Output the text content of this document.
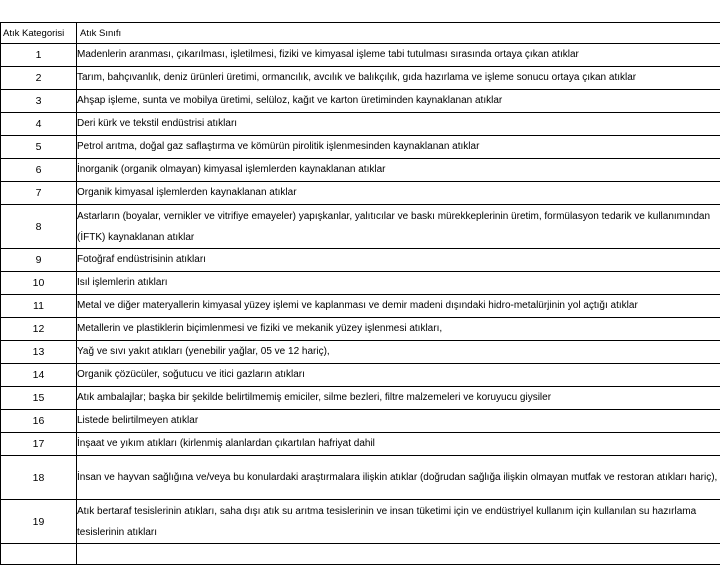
Atık Kategorisi	Atık Sınıfı
1	Madenlerin aranması, çıkarılması, işletilmesi, fiziki ve kimyasal işleme tabi tutulması sırasında ortaya çıkan atıklar
2	Tarım, bahçıvanlık, deniz ürünleri üretimi, ormancılık, avcılık ve balıkçılık, gıda hazırlama ve işleme sonucu ortaya çıkan atıklar
3	Ahşap işleme, sunta ve mobilya üretimi, selüloz, kağıt ve karton üretiminden kaynaklanan atıklar
4	Deri kürk ve tekstil endüstrisi atıkları
5	Petrol arıtma, doğal gaz saflaştırma ve kömürün pirolitik işlenmesinden kaynaklanan atıklar
6	İnorganik (organik olmayan) kimyasal işlemlerden kaynaklanan atıklar
7	Organik kimyasal işlemlerden kaynaklanan atıklar
8	Astarların (boyalar, vernikler ve vitrifiye emayeler) yapışkanlar, yalıtıcılar ve baskı mürekkeplerinin üretim, formülasyon tedarik ve kullanımından (İFTK) kaynaklanan atıklar
9	Fotoğraf endüstrisinin atıkları
10	Isıl işlemlerin atıkları
11	Metal ve diğer materyallerin kimyasal yüzey işlemi ve kaplanması ve demir madeni dışındaki hidro-metalürjinin yol açtığı atıklar
12	Metallerin ve plastiklerin biçimlenmesi ve fiziki ve mekanik yüzey işlenmesi atıkları,
13	Yağ ve sıvı yakıt atıkları (yenebilir yağlar, 05 ve 12 hariç),
14	Organik çözücüler, soğutucu ve itici gazların atıkları
15	Atık ambalajlar; başka bir şekilde belirtilmemiş emiciler, silme bezleri, filtre malzemeleri ve koruyucu giysiler
16	Listede belirtilmeyen atıklar
17	İnşaat ve yıkım atıkları (kirlenmiş alanlardan çıkartılan hafriyat dahil
18	İnsan ve hayvan sağlığına ve/veya bu konulardaki araştırmalara ilişkin atıklar (doğrudan sağlığa ilişkin olmayan mutfak ve restoran atıkları hariç),
19	Atık bertaraf tesislerinin atıkları, saha dışı atık su arıtma tesislerinin ve insan tüketimi için ve endüstriyel kullanım için kullanılan su hazırlama tesislerinin atıkları
